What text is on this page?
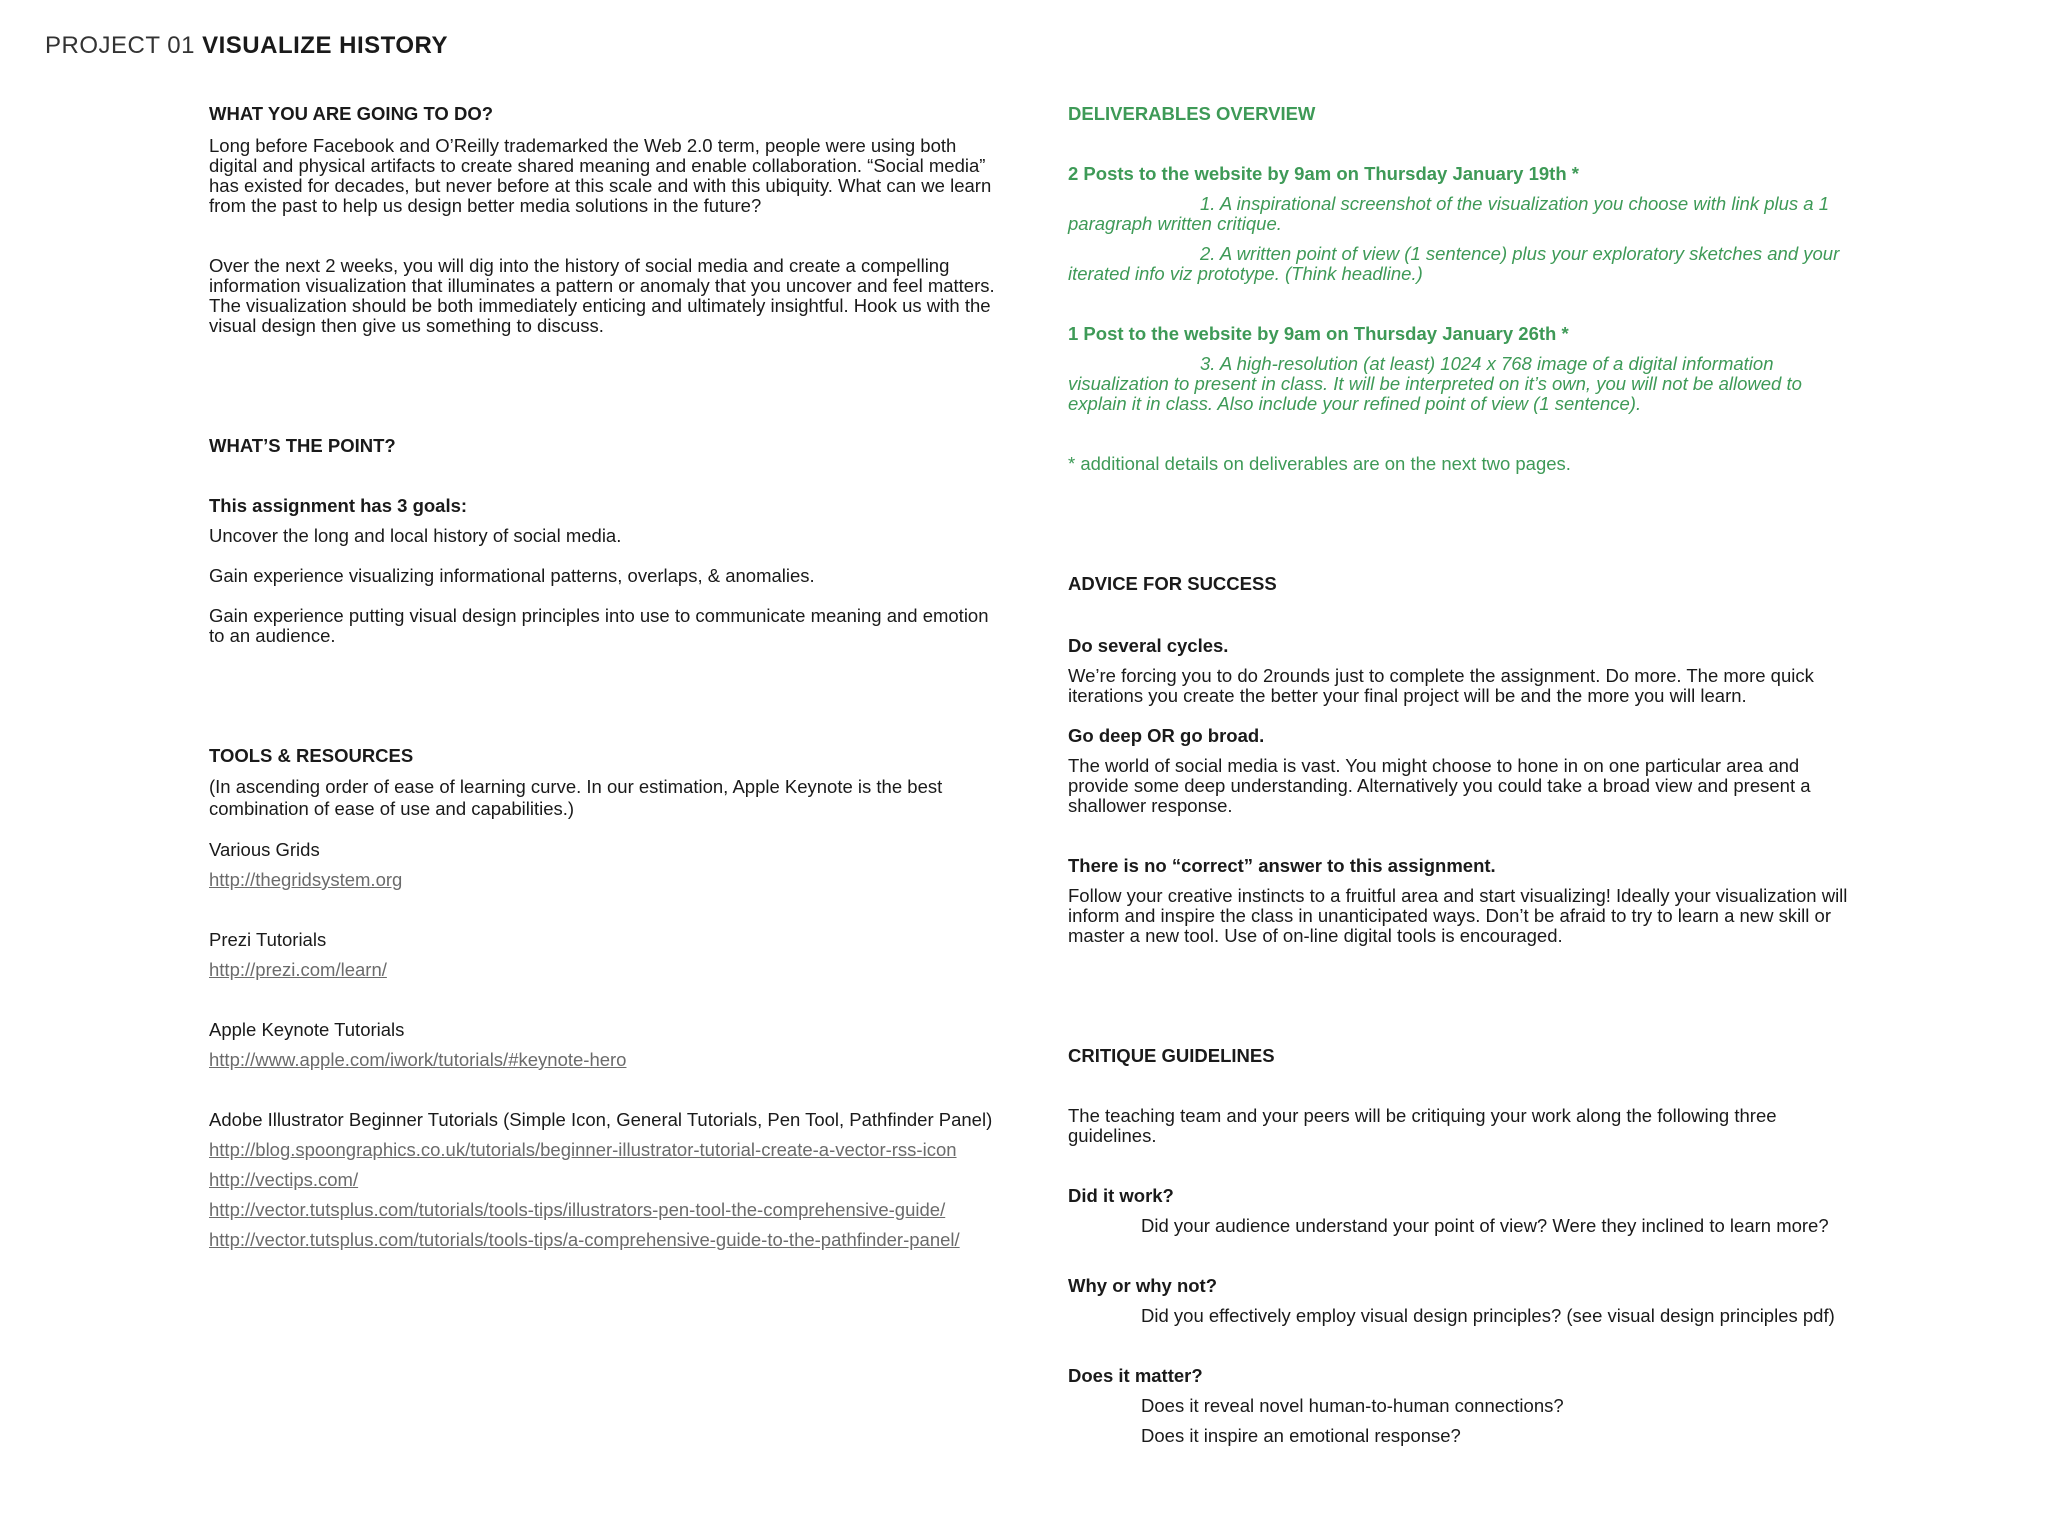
PROJECT 01 VISUALIZE HISTORY

WHAT YOU ARE GOING TO DO?

Long before Facebook and O’Reilly trademarked the Web 2.0 term, people were using both digital and physical artifacts to create shared meaning and enable collaboration. “Social media” has existed for decades, but never before at this scale and with this ubiquity. What can we learn from the past to help us design better media solutions in the future?

Over the next 2 weeks, you will dig into the history of social media and create a compelling information visualization that illuminates a pattern or anomaly that you uncover and feel matters. The visualization should be both immediately enticing and ultimately insightful. Hook us with the visual design then give us something to discuss.

WHAT’S THE POINT?

This assignment has 3 goals:

Uncover the long and local history of social media.

Gain experience visualizing informational patterns, overlaps, & anomalies.

Gain experience putting visual design principles into use to communicate meaning and emotion to an audience.

TOOLS & RESOURCES

(In ascending order of ease of learning curve. In our estimation, Apple Keynote is the best combination of ease of use and capabilities.)

Various Grids

http://thegridsystem.org

Prezi Tutorials

http://prezi.com/learn/

Apple Keynote Tutorials

http://www.apple.com/iwork/tutorials/#keynote-hero

Adobe Illustrator Beginner Tutorials (Simple Icon, General Tutorials, Pen Tool, Pathfinder Panel)

http://blog.spoongraphics.co.uk/tutorials/beginner-illustrator-tutorial-create-a-vector-rss-icon
http://vectips.com/
http://vector.tutsplus.com/tutorials/tools-tips/illustrators-pen-tool-the-comprehensive-guide/
http://vector.tutsplus.com/tutorials/tools-tips/a-comprehensive-guide-to-the-pathfinder-panel/

DELIVERABLES OVERVIEW

2 Posts to the website by 9am on Thursday January 19th *

1. A inspirational screenshot of the visualization you choose with link plus a 1 paragraph written critique.

2. A written point of view (1 sentence) plus your exploratory sketches and your iterated info viz prototype. (Think headline.)

1 Post to the website by 9am on Thursday January 26th *

3. A high-resolution (at least) 1024 x 768 image of a digital information visualization to present in class. It will be interpreted on it’s own, you will not be allowed to explain it in class. Also include your refined point of view (1 sentence).

* additional details on deliverables are on the next two pages.

ADVICE FOR SUCCESS

Do several cycles.

We’re forcing you to do 2rounds just to complete the assignment. Do more. The more quick iterations you create the better your final project will be and the more you will learn.

Go deep OR go broad.

The world of social media is vast. You might choose to hone in on one particular area and provide some deep understanding. Alternatively you could take a broad view and present a shallower response.

There is no “correct” answer to this assignment.

Follow your creative instincts to a fruitful area and start visualizing! Ideally your visualization will inform and inspire the class in unanticipated ways. Don’t be afraid to try to learn a new skill or master a new tool. Use of on-line digital tools is encouraged.

CRITIQUE GUIDELINES

The teaching team and your peers will be critiquing your work along the following three guidelines.

Did it work?

Did your audience understand your point of view? Were they inclined to learn more?

Why or why not?

Did you effectively employ visual design principles? (see visual design principles pdf)

Does it matter?

Does it reveal novel human-to-human connections?

Does it inspire an emotional response?
